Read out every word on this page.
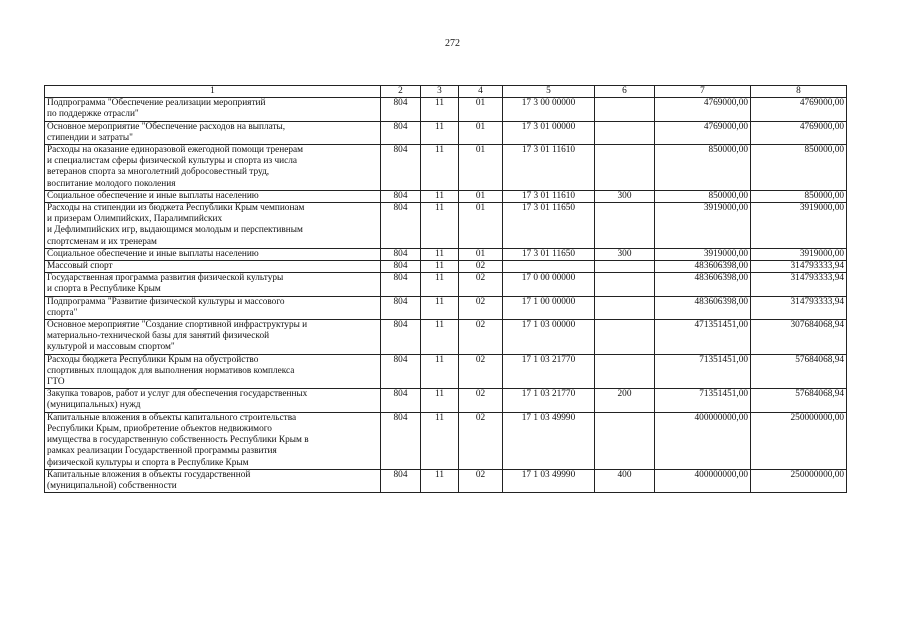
272
1	2	3	4	5	6	7	8
Подпрограмма "Обеспечение реализации мероприятий
по поддержке отрасли"	804	11	01	17 3 00 00000		4769000,00	4769000,00
Основное мероприятие "Обеспечение расходов на выплаты,
стипендии и затраты"	804	11	01	17 3 01 00000		4769000,00	4769000,00
Расходы на оказание единоразовой ежегодной помощи тренерам
и специалистам сферы физической культуры и спорта из числа
ветеранов спорта за многолетний добросовестный труд,
воспитание молодого поколения	804	11	01	17 3 01 11610		850000,00	850000,00
Социальное обеспечение и иные выплаты населению	804	11	01	17 3 01 11610	300	850000,00	850000,00
Расходы на стипендии из бюджета Республики Крым чемпионам
и призерам Олимпийских, Паралимпийских
и Дефлимпийских игр, выдающимся молодым и перспективным
спортсменам и их тренерам	804	11	01	17 3 01 11650		3919000,00	3919000,00
Социальное обеспечение и иные выплаты населению	804	11	01	17 3 01 11650	300	3919000,00	3919000,00
Массовый спорт	804	11	02			483606398,00	314793333,94
Государственная программа развития физической культуры
и спорта в Республике Крым	804	11	02	17 0 00 00000		483606398,00	314793333,94
Подпрограмма "Развитие физической культуры и массового
спорта"	804	11	02	17 1 00 00000		483606398,00	314793333,94
Основное мероприятие "Создание спортивной инфраструктуры и
материально-технической базы для занятий физической
культурой и массовым спортом"	804	11	02	17 1 03 00000		471351451,00	307684068,94
Расходы бюджета Республики Крым на обустройство
спортивных площадок для выполнения нормативов комплекса
ГТО	804	11	02	17 1 03 21770		71351451,00	57684068,94
Закупка товаров, работ и услуг для обеспечения государственных
(муниципальных) нужд	804	11	02	17 1 03 21770	200	71351451,00	57684068,94
Капитальные вложения в объекты капитального строительства
Республики Крым, приобретение объектов недвижимого
имущества в государственную собственность Республики Крым в
рамках реализации Государственной программы развития
физической культуры и спорта в Республике Крым	804	11	02	17 1 03 49990		400000000,00	250000000,00
Капитальные вложения в объекты государственной
(муниципальной) собственности	804	11	02	17 1 03 49990	400	400000000,00	250000000,00
